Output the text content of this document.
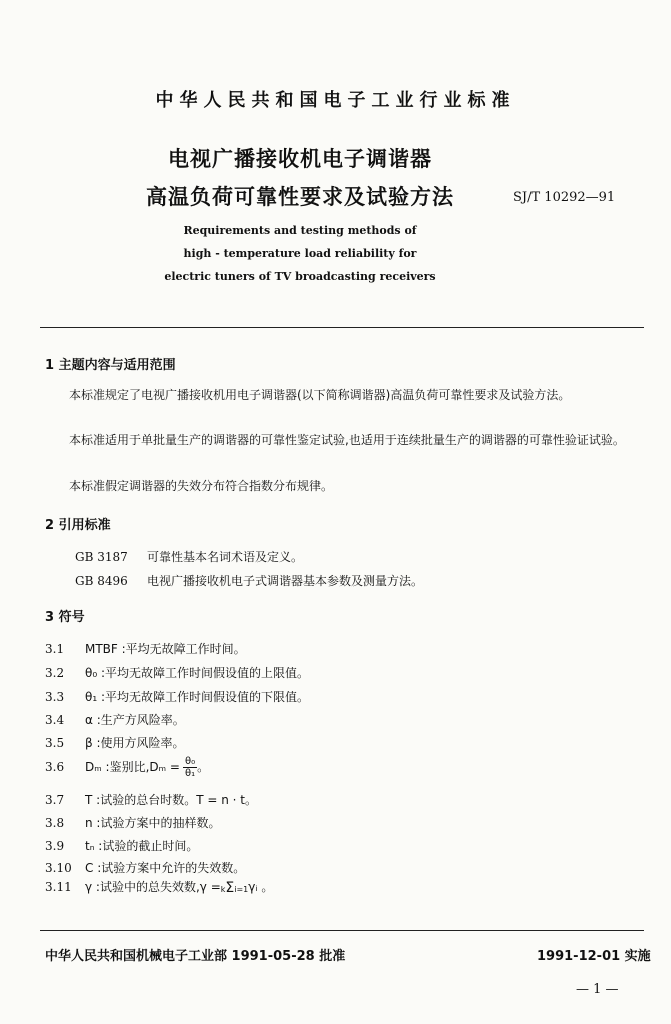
中华人民共和国电子工业行业标准
电视广播接收机电子调谐器
高温负荷可靠性要求及试验方法	SJ/T 10292—91
Requirements and testing methods of
high - temperature load reliability for
electric tuners of TV broadcasting receivers
1 主题内容与适用范围
本标准规定了电视广播接收机用电子调谐器(以下简称调谐器)高温负荷可靠性要求及试验方法。
本标准适用于单批量生产的调谐器的可靠性鉴定试验,也适用于连续批量生产的调谐器的可靠性验证试验。
本标准假定调谐器的失效分布符合指数分布规律。
2 引用标准
GB 3187 可靠性基本名词术语及定义。
GB 8496 电视广播接收机电子式调谐器基本参数及测量方法。
3 符号
3.1 MTBF :平均无故障工作时间。
3.2 θ₀ :平均无故障工作时间假设值的上限值。
3.3 θ₁ :平均无故障工作时间假设值的下限值。
3.4 α :生产方风险率。
3.5 β :使用方风险率。
3.6 Dₘ :鉴别比$,D_m = \frac{\text{θ₀}}{\text{θ₁}}$ 。
3.7 T :试验的总台时数。T = n · t。
3.8 n :试验方案中的抽样数。
3.9 tₙ :试验的截止时间。
3.10 C :试验方案中允许的失效数。
3.11 γ :试验中的总失效数,γ =kΣi=1γᵢ 。
中华人民共和国机械电子工业部 1991-05-28 批准	1991-12-01 实施
— 1 —
